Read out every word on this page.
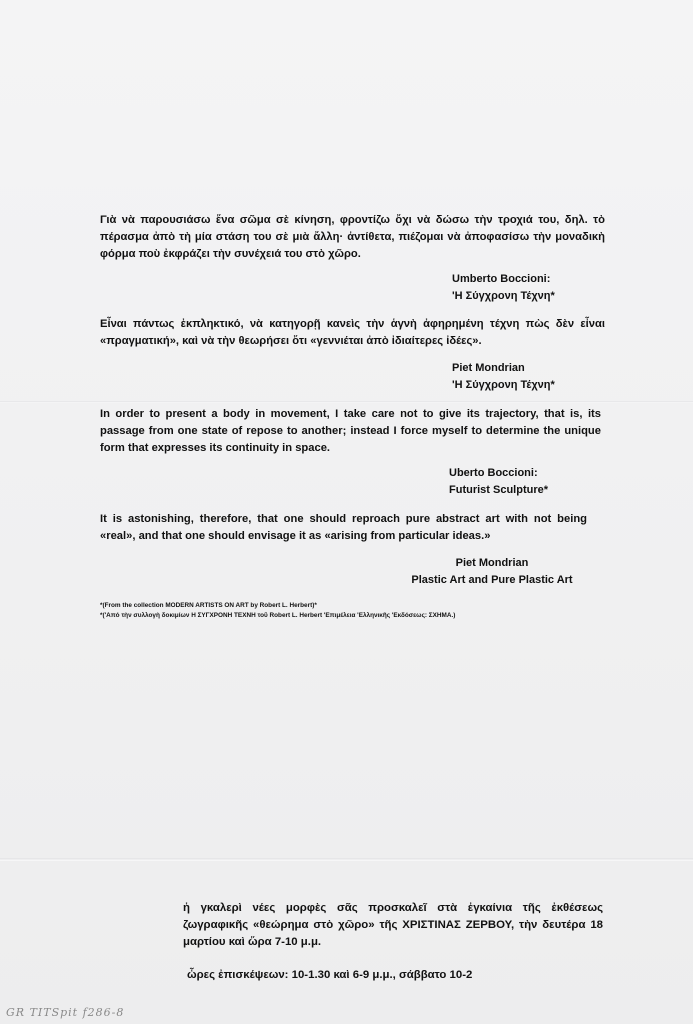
Γιὰ νὰ παρουσιάσω ἕνα σῶμα σὲ κίνηση, φροντίζω ὄχι νὰ δώσω τὴν τροχιά του, δηλ. τὸ πέρασμα ἀπὸ τὴ μία στάση του σὲ μιὰ ἄλλη· ἀντίθετα, πιέζομαι νὰ ἀποφασίσω τὴν μοναδικὴ φόρμα ποὺ ἐκφράζει τὴν συνέχειά του στὸ χῶρο.

Umberto Boccioni:
'Η Σύγχρονη Τέχνη*

Εἶναι πάντως ἐκπληκτικό, νὰ κατηγορῇ κανεὶς τὴν ἁγνὴ ἀφηρημένη τέχνη πὼς δὲν εἶναι «πραγματική», καὶ νὰ τὴν θεωρήσει ὅτι «γεννιέται ἀπὸ ἰδιαίτερες ἰδέες».

Piet Mondrian
'Η Σύγχρονη Τέχνη*

In order to present a body in movement, I take care not to give its trajectory, that is, its passage from one state of repose to another; instead I force myself to determine the unique form that expresses its continuity in space.

Uberto Boccioni:
Futurist Sculpture*

It is astonishing, therefore, that one should reproach pure abstract art with not being «real», and that one should envisage it as «arising from particular ideas.»

Piet Mondrian
Plastic Art and Pure Plastic Art
*(From the collection MODERN ARTISTS ON ART by Robert L. Herbert)*
*('Από τὴν συλλογὴ δοκιμίων Η ΣΥΓΧΡΟΝΗ ΤΕΧΝΗ τοῦ Robert L. Herbert 'Επιμέλεια 'Ελληνικῆς 'Εκδόσεως: ΣΧΗΜΑ.)

ἡ γκαλερὶ νέες μορφὲς σᾶς προσκαλεῖ στὰ ἐγκαίνια τῆς ἐκθέσεως ζωγραφικῆς «θεώρημα στὸ χῶρο» τῆς ΧΡΙΣΤΙΝΑΣ ΖΕΡΒΟΥ, τὴν δευτέρα 18 μαρτίου καὶ ὥρα 7-10 μ.μ.

ὧρες ἐπισκέψεων: 10-1.30 καὶ 6-9 μ.μ., σάββατο 10-2
GR TITSpit f286-8
